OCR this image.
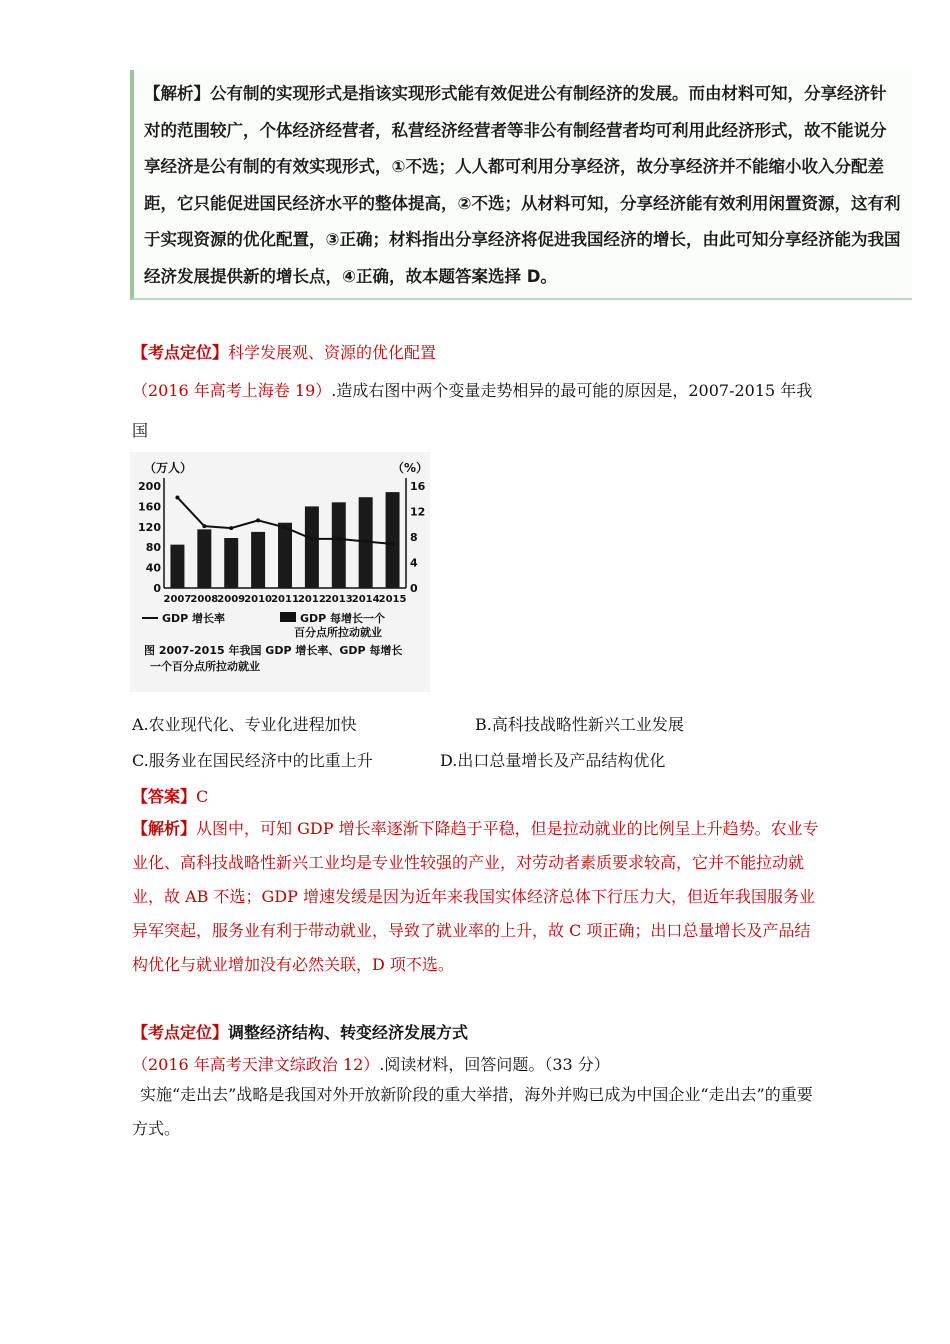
【解析】公有制的实现形式是指该实现形式能有效促进公有制经济的发展。而由材料可知，分享经济针对的范围较广，个体经济经营者，私营经济经营者等非公有制经营者均可利用此经济形式，故不能说分享经济是公有制的有效实现形式，①不选；人人都可利用分享经济，故分享经济并不能缩小收入分配差距，它只能促进国民经济水平的整体提高，②不选；从材料可知，分享经济能有效利用闲置资源，这有利于实现资源的优化配置，③正确；材料指出分享经济将促进我国经济的增长，由此可知分享经济能为我国经济发展提供新的增长点，④正确，故本题答案选择 D。
【考点定位】科学发展观、资源的优化配置
（2016 年高考上海卷 19）.造成右图中两个变量走势相异的最可能的原因是，2007-2015 年我
国
（万人）	（%）
0
40
80
120
160
200
0
4
8
12
16
2007 2008 2009 2010 2011 2012 2013 2014 2015
GDP 增长率	GDP 每增长一个
百分点所拉动就业
图 2007-2015 年我国 GDP 增长率、GDP 每增长
一个百分点所拉动就业
A.农业现代化、专业化进程加快	B.高科技战略性新兴工业发展
C.服务业在国民经济中的比重上升	D.出口总量增长及产品结构优化
【答案】C
【解析】从图中，可知 GDP 增长率逐渐下降趋于平稳，但是拉动就业的比例呈上升趋势。农业专业化、高科技战略性新兴工业均是专业性较强的产业，对劳动者素质要求较高，它并不能拉动就业，故 AB 不选；GDP 增速发缓是因为近年来我国实体经济总体下行压力大，但近年我国服务业异军突起，服务业有利于带动就业，导致了就业率的上升，故 C 项正确；出口总量增长及产品结构优化与就业增加没有必然关联，D 项不选。
【考点定位】调整经济结构、转变经济发展方式
（2016 年高考天津文综政治 12）.阅读材料，回答问题。（33 分）
实施“走出去”战略是我国对外开放新阶段的重大举措，海外并购已成为中国企业“走出去”的重要方式。
